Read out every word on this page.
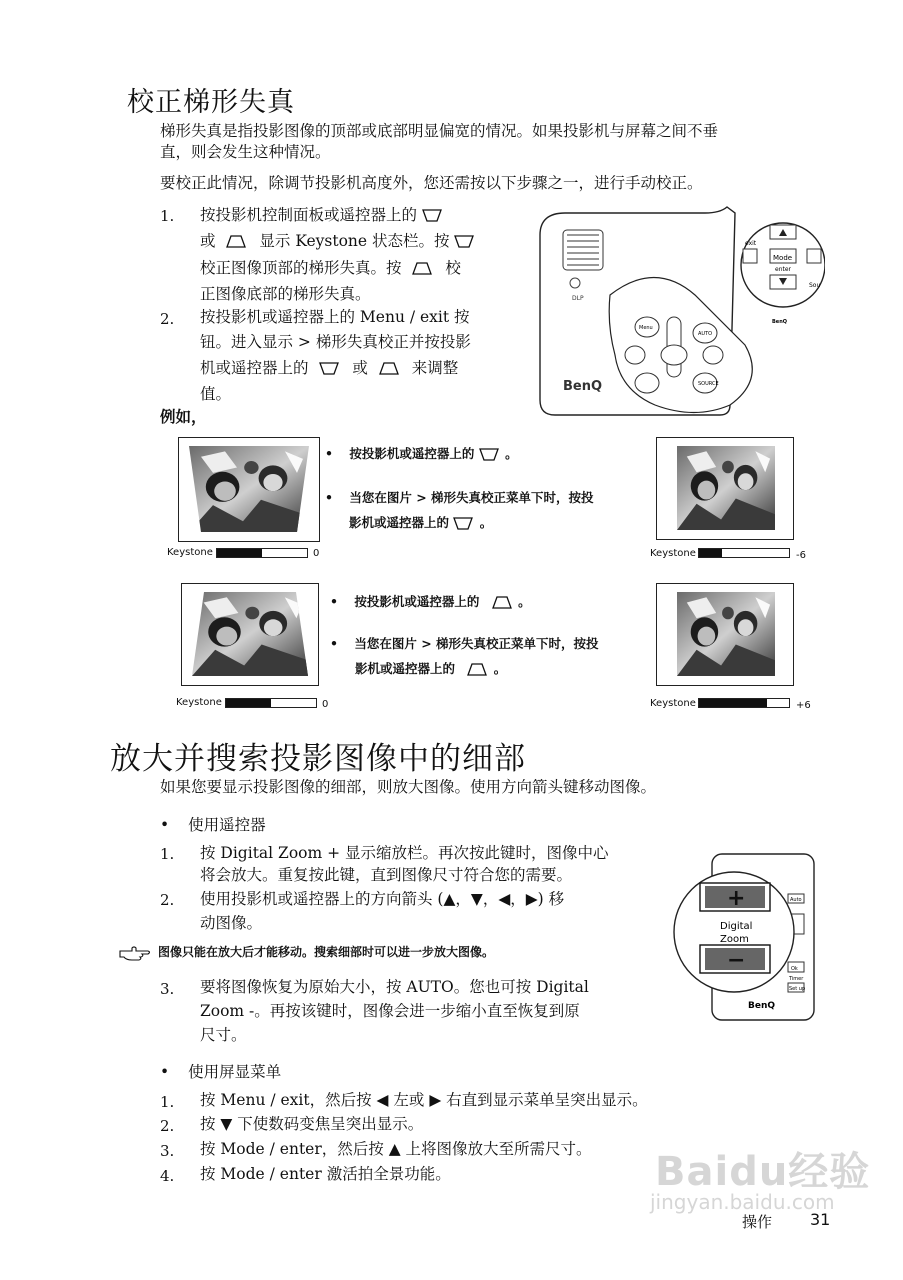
校正梯形失真
梯形失真是指投影图像的顶部或底部明显偏宽的情况。如果投影机与屏幕之间不垂
直，则会发生这种情况。
要校正此情况，除调节投影机高度外，您还需按以下步骤之一，进行手动校正。
1. 按投影机控制面板或遥控器上的
或	显示 Keystone 状态栏。按
校正图像顶部的梯形失真。按	校
正图像底部的梯形失真。
2. 按投影机或遥控器上的 Menu / exit 按
钮。进入显示 > 梯形失真校正并按投影
机或遥控器上的	或	来调整
值。
例如，
DLP
BenQ
Menu
AUTO
SOURCE
Mode
enter
exit
Sou
BenQ
Keystone	0
• 按投影机或遥控器上的 。
• 当您在图片 > 梯形失真校正菜单下时，按投
影机或遥控器上的 。
Keystone	-6
Keystone	0
• 按投影机或遥控器上的	。
• 当您在图片 > 梯形失真校正菜单下时，按投
影机或遥控器上的	。
Keystone	+6
放大并搜索投影图像中的细部
如果您要显示投影图像的细部，则放大图像。使用方向箭头键移动图像。
• 使用遥控器
1. 按 Digital Zoom + 显示缩放栏。再次按此键时，图像中心
将会放大。重复按此键，直到图像尺寸符合您的需要。
2. 使用投影机或遥控器上的方向箭头 (▲，▼，◀，▶) 移
动图像。
图像只能在放大后才能移动。搜索细部时可以进一步放大图像。
3. 要将图像恢复为原始大小，按 AUTO。您也可按 Digital
Zoom -。再按该键时，图像会进一步缩小直至恢复到原
尺寸。
• 使用屏显菜单
1. 按 Menu / exit，然后按 ◀ 左或 ▶ 右直到显示菜单呈突出显示。
2. 按 ▼ 下使数码变焦呈突出显示。
3. 按 Mode / enter，然后按 ▲ 上将图像放大至所需尺寸。
4. 按 Mode / enter 激活拍全景功能。
Auto
Ok
Timer
Set up
BenQ
+
−
Digital
Zoom
Baidu经验
jingyan.baidu.com
操作 31
